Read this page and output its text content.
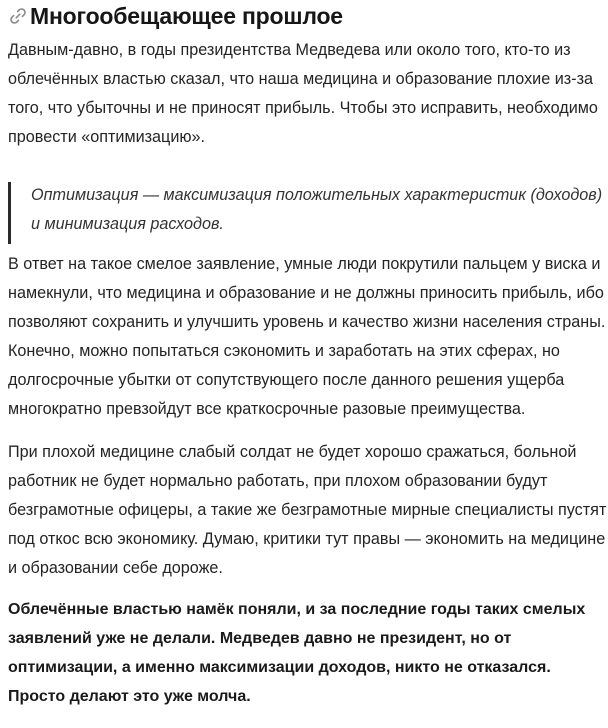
Многообещающее прошлое

Давным-давно, в годы президентства Медведева или около того, кто-то из облечённых властью сказал, что наша медицина и образование плохие из-за того, что убыточны и не приносят прибыль. Чтобы это исправить, необходимо провести «оптимизацию».

Оптимизация — максимизация положительных характеристик (доходов) и минимизация расходов.

В ответ на такое смелое заявление, умные люди покрутили пальцем у виска и намекнули, что медицина и образование и не должны приносить прибыль, ибо позволяют сохранить и улучшить уровень и качество жизни населения страны. Конечно, можно попытаться сэкономить и заработать на этих сферах, но долгосрочные убытки от сопутствующего после данного решения ущерба многократно превзойдут все краткосрочные разовые преимущества.

При плохой медицине слабый солдат не будет хорошо сражаться, больной работник не будет нормально работать, при плохом образовании будут безграмотные офицеры, а такие же безграмотные мирные специалисты пустят под откос всю экономику. Думаю, критики тут правы — экономить на медицине и образовании себе дороже.

Облечённые властью намёк поняли, и за последние годы таких смелых заявлений уже не делали. Медведев давно не президент, но от оптимизации, а именно максимизации доходов, никто не отказался. Просто делают это уже молча.
